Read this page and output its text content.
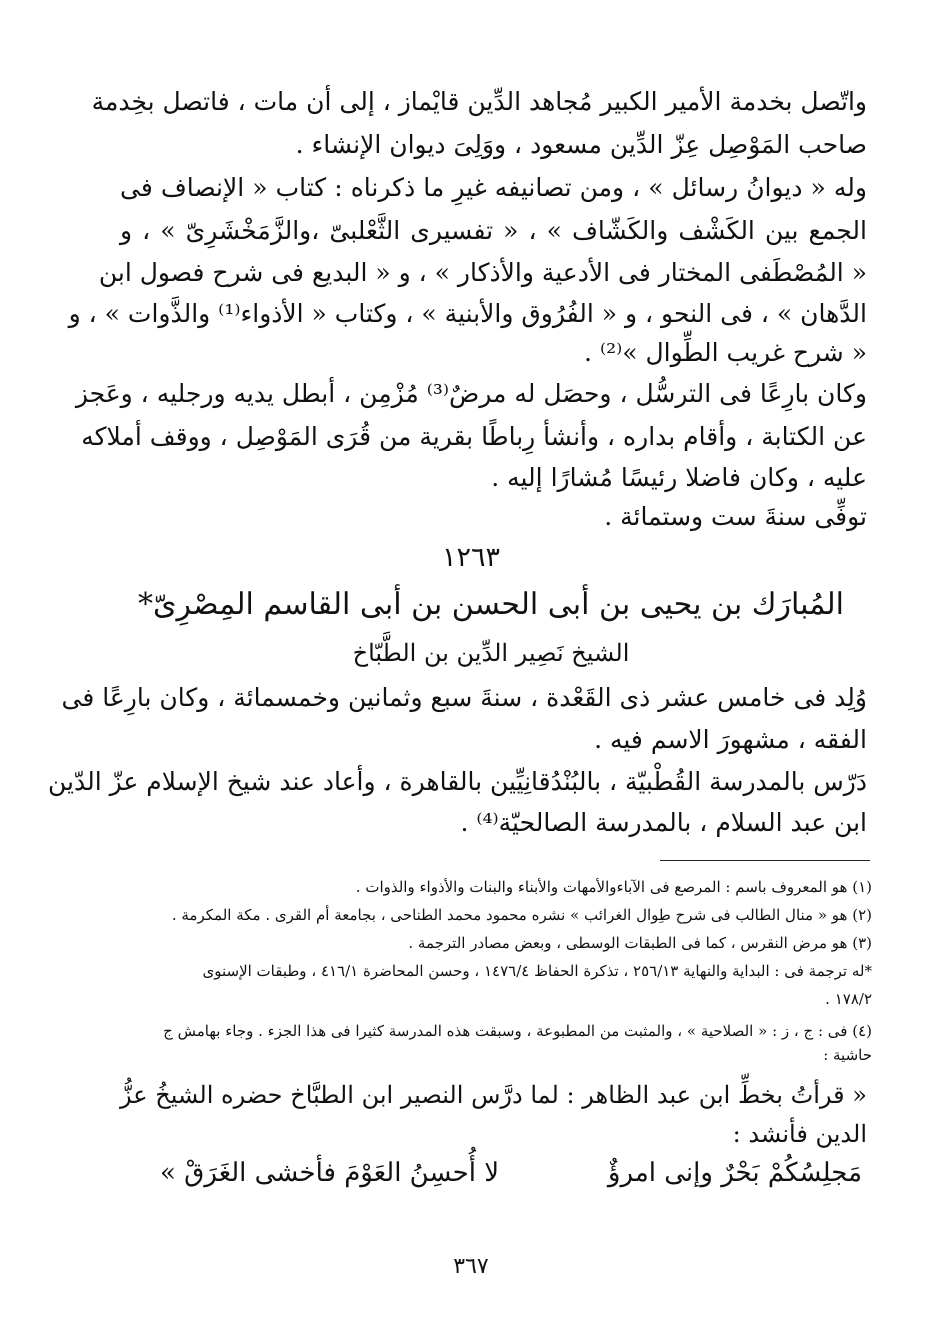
واتّصل بخدمة الأمير الكبير مُجاهد الدِّين قايْماز ، إلى أن مات ، فاتصل بخِدمة
صاحب المَوْصِل عِزّ الدِّين مسعود ، ووَلِىَ ديوان الإنشاء .
وله « ديوانُ رسائل » ، ومن تصانيفه غيرِ ما ذكرناه : كتاب « الإنصاف فى
الجمع بين الكَشْف والكَشّاف » ، « تفسيرى الثَّعْلبىّ ،والزَّمَخْشَرِىّ » ، و
« المُصْطَفى المختار فى الأدعية والأذكار » ، و « البديع فى شرح فصول ابن
الدَّهان » ، فى النحو ، و « الفُرُوق والأبنية » ، وكتاب « الأذواء⁽¹⁾ والذَّوات » ، و
« شرح غريب الطِّوال »⁽²⁾ .
وكان بارِعًا فى الترسُّل ، وحصَل له مرضٌ⁽³⁾ مُزْمِن ، أبطل يديه ورجليه ، وعَجز
عن الكتابة ، وأقام بداره ، وأنشأ رِباطًا بقرية من قُرَى المَوْصِل ، ووقف أملاكه
عليه ، وكان فاضلا رئيسًا مُشارًا إليه .
توفِّى سنةَ ست وستمائة .
١٢٦٣
المُبارَك بن يحيى بن أبى الحسن بن أبى القاسم المِصْرِىّ*
الشيخ نَصِير الدِّين بن الطَّبّاخ
وُلِد فى خامس عشر ذى القَعْدة ، سنةَ سبع وثمانين وخمسمائة ، وكان بارِعًا فى
الفقه ، مشهورَ الاسم فيه .
دَرّس بالمدرسة القُطْبيّة ، بالبُنْدُقانِيِّين بالقاهرة ، وأعاد عند شيخ الإسلام عزّ الدّين
ابن عبد السلام ، بالمدرسة الصالحيّة⁽⁴⁾ .
(١) هو المعروف باسم : المرصع فى الآباءوالأمهات والأبناء والبنات والأذواء والذوات .
(٢) هو « منال الطالب فى شرح طِوال الغرائب » نشره محمود محمد الطناحى ، بجامعة أم القرى . مكة المكرمة .
(٣) هو مرض النقرس ، كما فى الطبقات الوسطى ، وبعض مصادر الترجمة .
*له ترجمة فى : البداية والنهاية ٢٥٦/١٣ ، تذكرة الحفاظ ١٤٧٦/٤ ، وحسن المحاضرة ٤١٦/١ ، وطبقات الإسنوى
١٧٨/٢ .
(٤) فى : ج ، ز : « الصلاحية » ، والمثبت من المطبوعة ، وسبقت هذه المدرسة كثيرا فى هذا الجزء . وجاء بهامش ج
حاشية :
« قرأتُ بخطِّ ابن عبد الظاهر : لما درَّس النصير ابن الطبَّاخ حضره الشيخُ عزُّ
الدين فأنشد :
مَجلِسُكُمْ بَحْرٌ وإنى امرؤٌ
لا أُحسِنُ العَوْمَ فأخشى الغَرَقْ »
٣٦٧
